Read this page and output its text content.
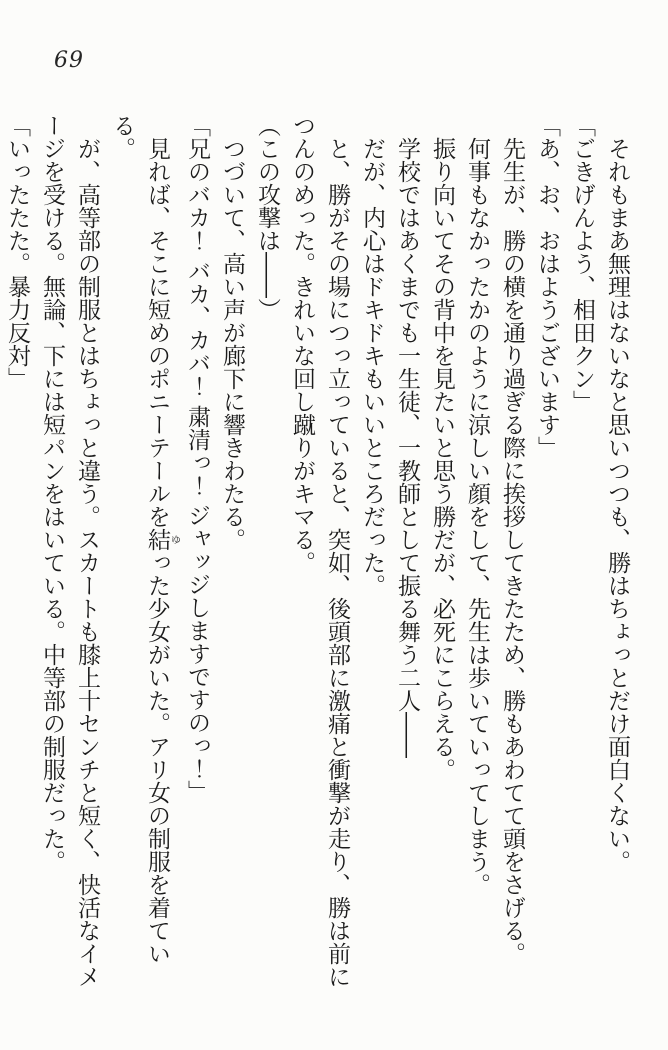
69

それもまあ無理はないなと思いつつも、勝はちょっとだけ面白くない。

「ごきげんよう、相田クン」

「あ、お、おはようございます」

先生が、勝の横を通り過ぎる際に挨拶してきたため、勝もあわてて頭をさげる。

何事もなかったかのように涼しい顔をして、先生は歩いていってしまう。

振り向いてその背中を見たいと思う勝だが、必死にこらえる。

学校ではあくまでも一生徒、一教師として振る舞う二人――

だが、内心はドキドキもいいところだった。

と、勝がその場につっ立っていると、突如、後頭部に激痛と衝撃が走り、勝は前につんのめった。きれいな回し蹴りがキマる。

（この攻撃は――）

つづいて、高い声が廊下に響きわたる。

「兄のバカ！ バカ、カバ！ 粛清っ！ ジャッジしますですのっ！」

見れば、そこに短めのポニーテールを結ゆった少女がいた。アリ女の制服を着ている。

が、高等部の制服とはちょっと違う。スカートも膝上十センチと短く、快活なイメージを受ける。無論、下には短パンをはいている。中等部の制服だった。

「いったたた。暴力反対」
